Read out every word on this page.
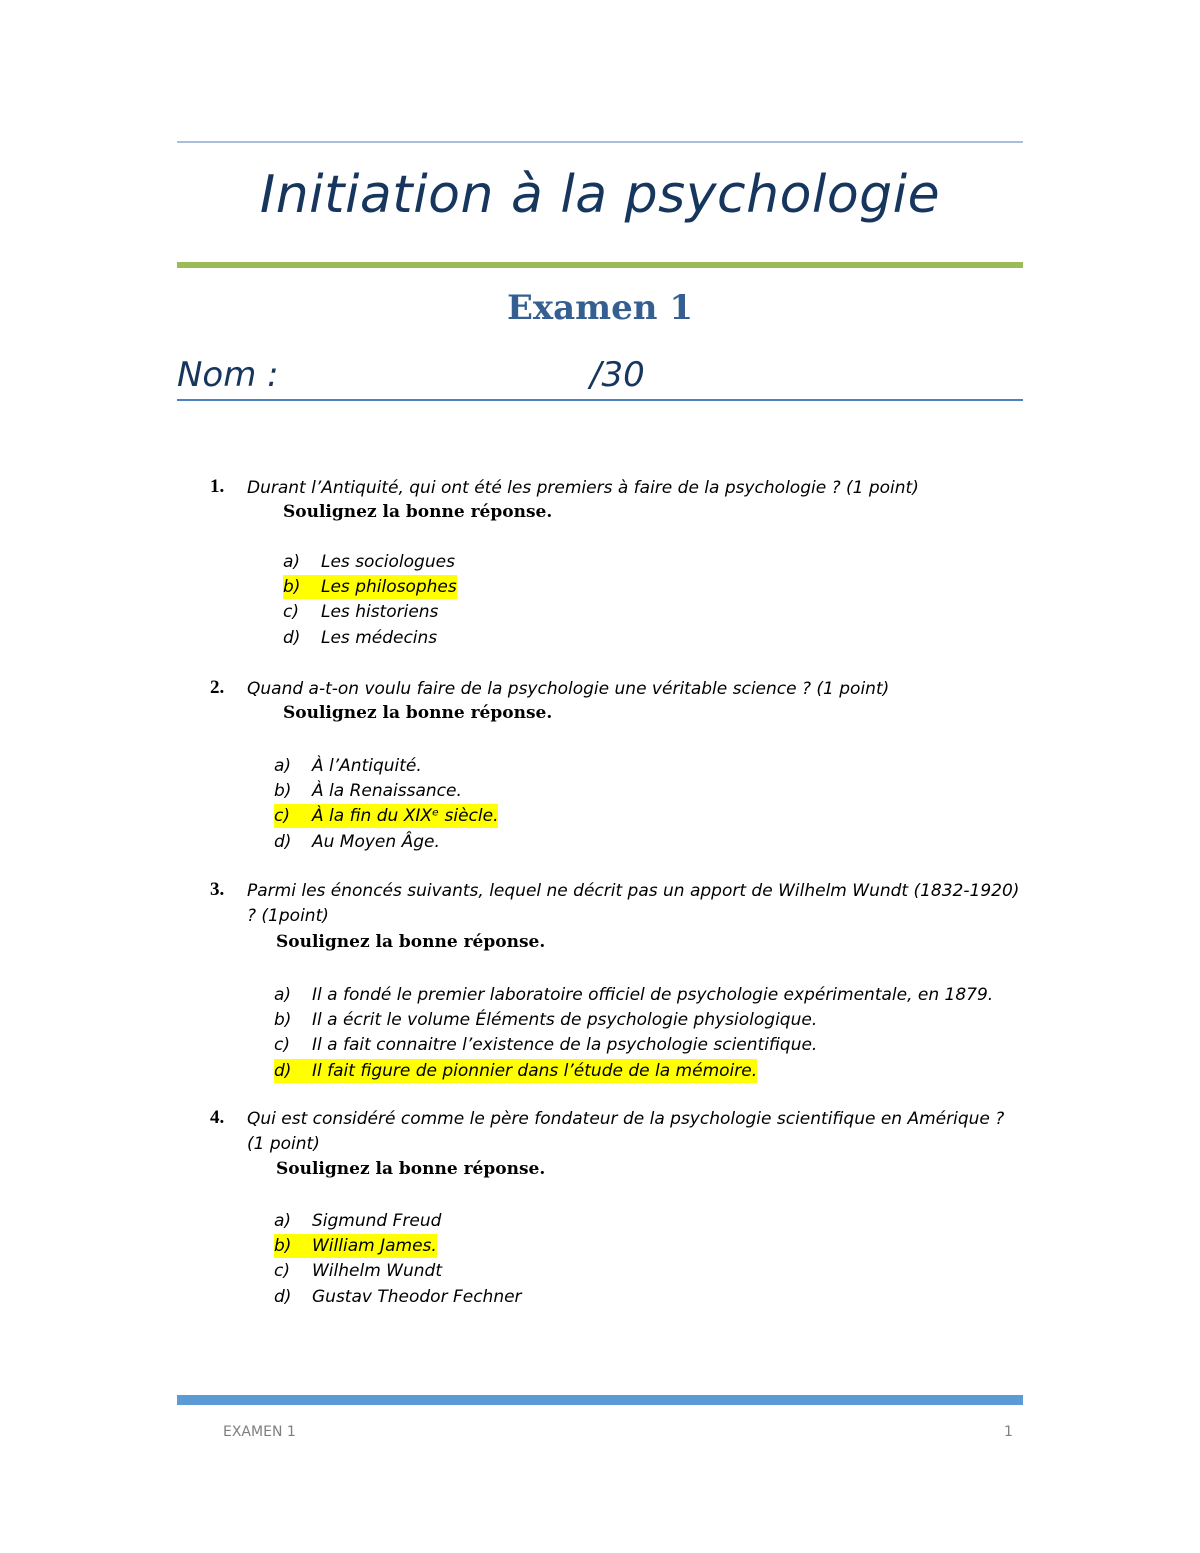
Initiation à la psychologie
Examen 1
Nom :	/30
1. Durant l’Antiquité, qui ont été les premiers à faire de la psychologie ? (1 point)
Soulignez la bonne réponse.
a) Les sociologues
b) Les philosophes
c) Les historiens
d) Les médecins
2. Quand a-t-on voulu faire de la psychologie une véritable science ? (1 point)
Soulignez la bonne réponse.
a) À l’Antiquité.
b) À la Renaissance.
c) À la fin du XIXᵉ siècle.
d) Au Moyen Âge.
3. Parmi les énoncés suivants, lequel ne décrit pas un apport de Wilhelm Wundt (1832-1920) ? (1point)
Soulignez la bonne réponse.
a) Il a fondé le premier laboratoire officiel de psychologie expérimentale, en 1879.
b) Il a écrit le volume Éléments de psychologie physiologique.
c) Il a fait connaitre l’existence de la psychologie scientifique.
d) Il fait figure de pionnier dans l’étude de la mémoire.
4. Qui est considéré comme le père fondateur de la psychologie scientifique en Amérique ? (1 point)
Soulignez la bonne réponse.
a) Sigmund Freud
b) William James.
c) Wilhelm Wundt
d) Gustav Theodor Fechner
EXAMEN 1	1
